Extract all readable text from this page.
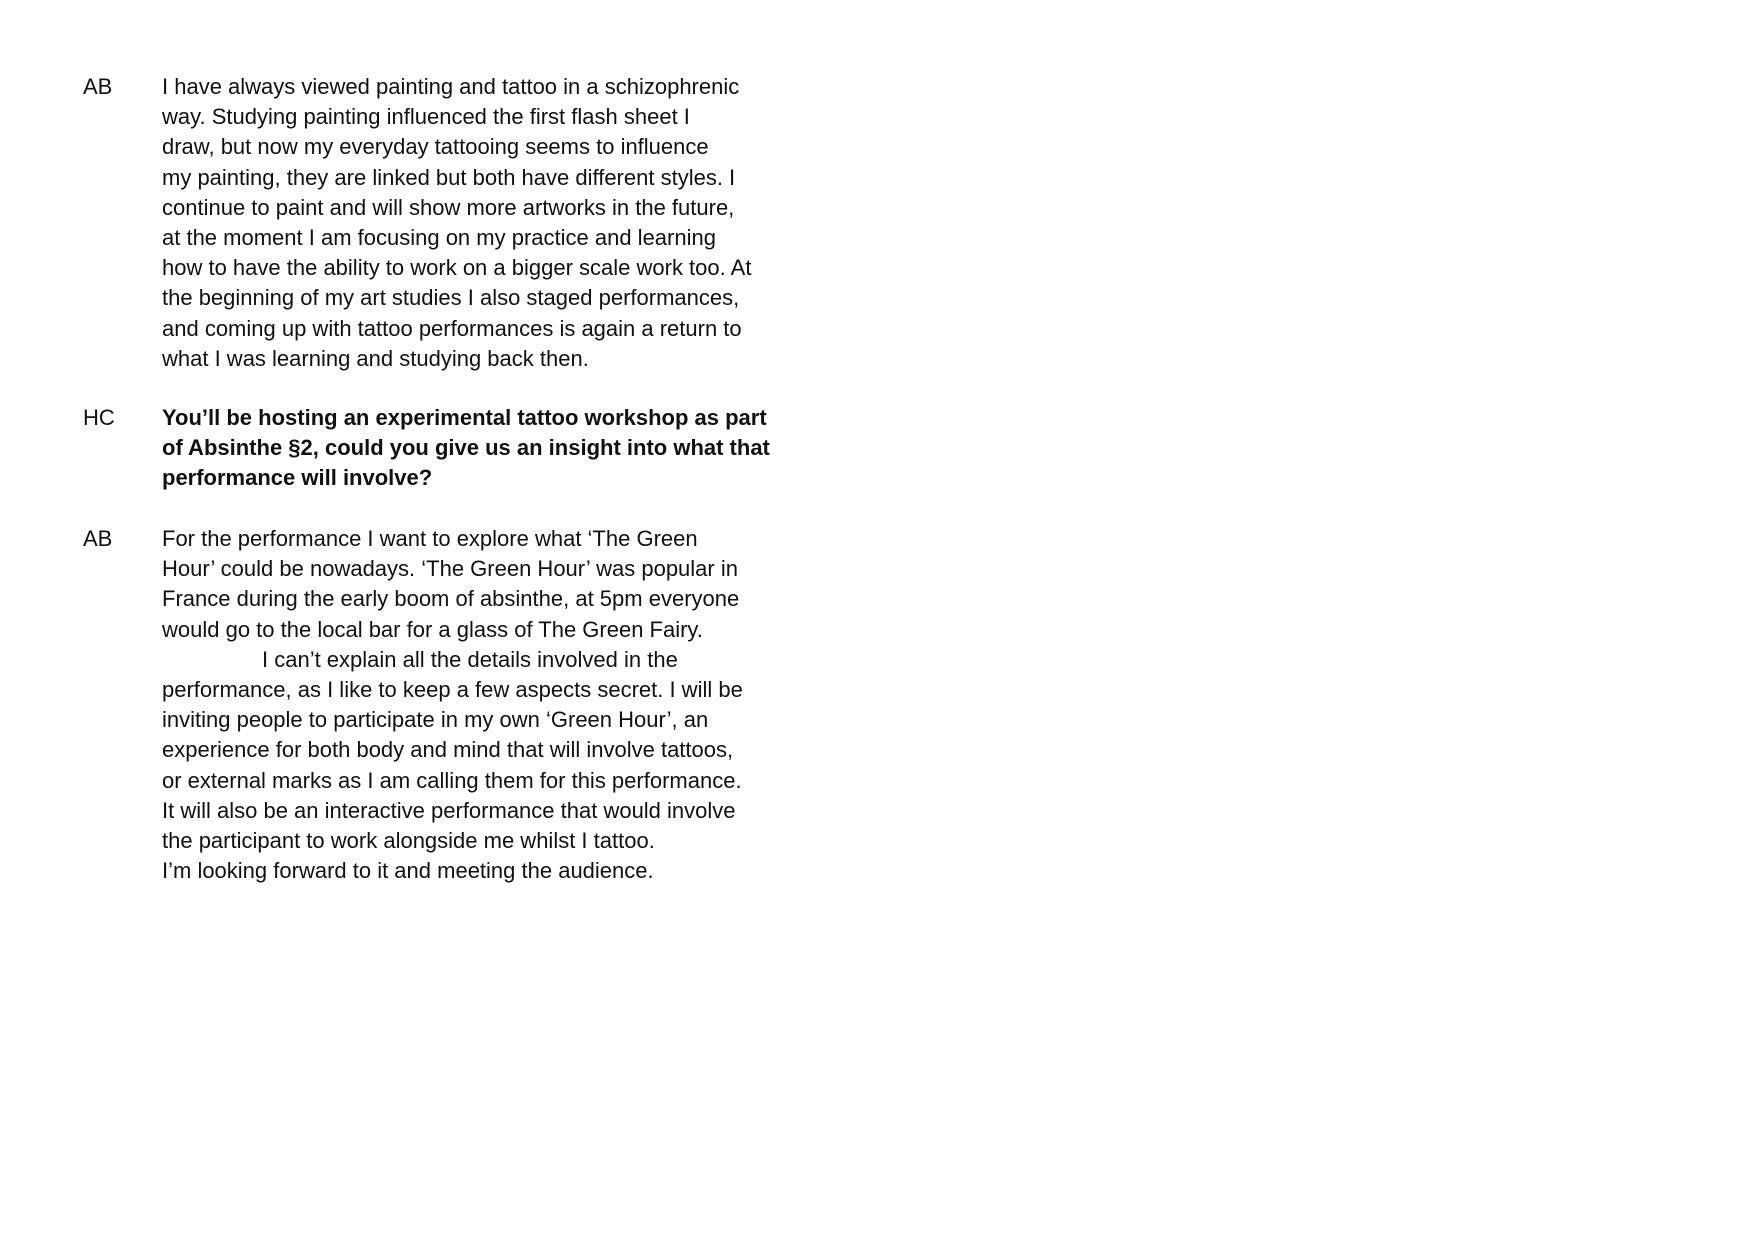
AB	I have always viewed painting and tattoo in a schizophrenic
way. Studying painting influenced the first flash sheet I
draw, but now my everyday tattooing seems to influence
my painting, they are linked but both have different styles. I
continue to paint and will show more artworks in the future,
at the moment I am focusing on my practice and learning
how to have the ability to work on a bigger scale work too. At
the beginning of my art studies I also staged performances,
and coming up with tattoo performances is again a return to
what I was learning and studying back then.
HC	You’ll be hosting an experimental tattoo workshop as part
of Absinthe §2, could you give us an insight into what that
performance will involve?
AB	For the performance I want to explore what ‘The Green
Hour’ could be nowadays. ‘The Green Hour’ was popular in
France during the early boom of absinthe, at 5pm everyone
would go to the local bar for a glass of The Green Fairy.
I can’t explain all the details involved in the
performance, as I like to keep a few aspects secret. I will be
inviting people to participate in my own ‘Green Hour’, an
experience for both body and mind that will involve tattoos,
or external marks as I am calling them for this performance.
It will also be an interactive performance that would involve
the participant to work alongside me whilst I tattoo.
I’m looking forward to it and meeting the audience.
